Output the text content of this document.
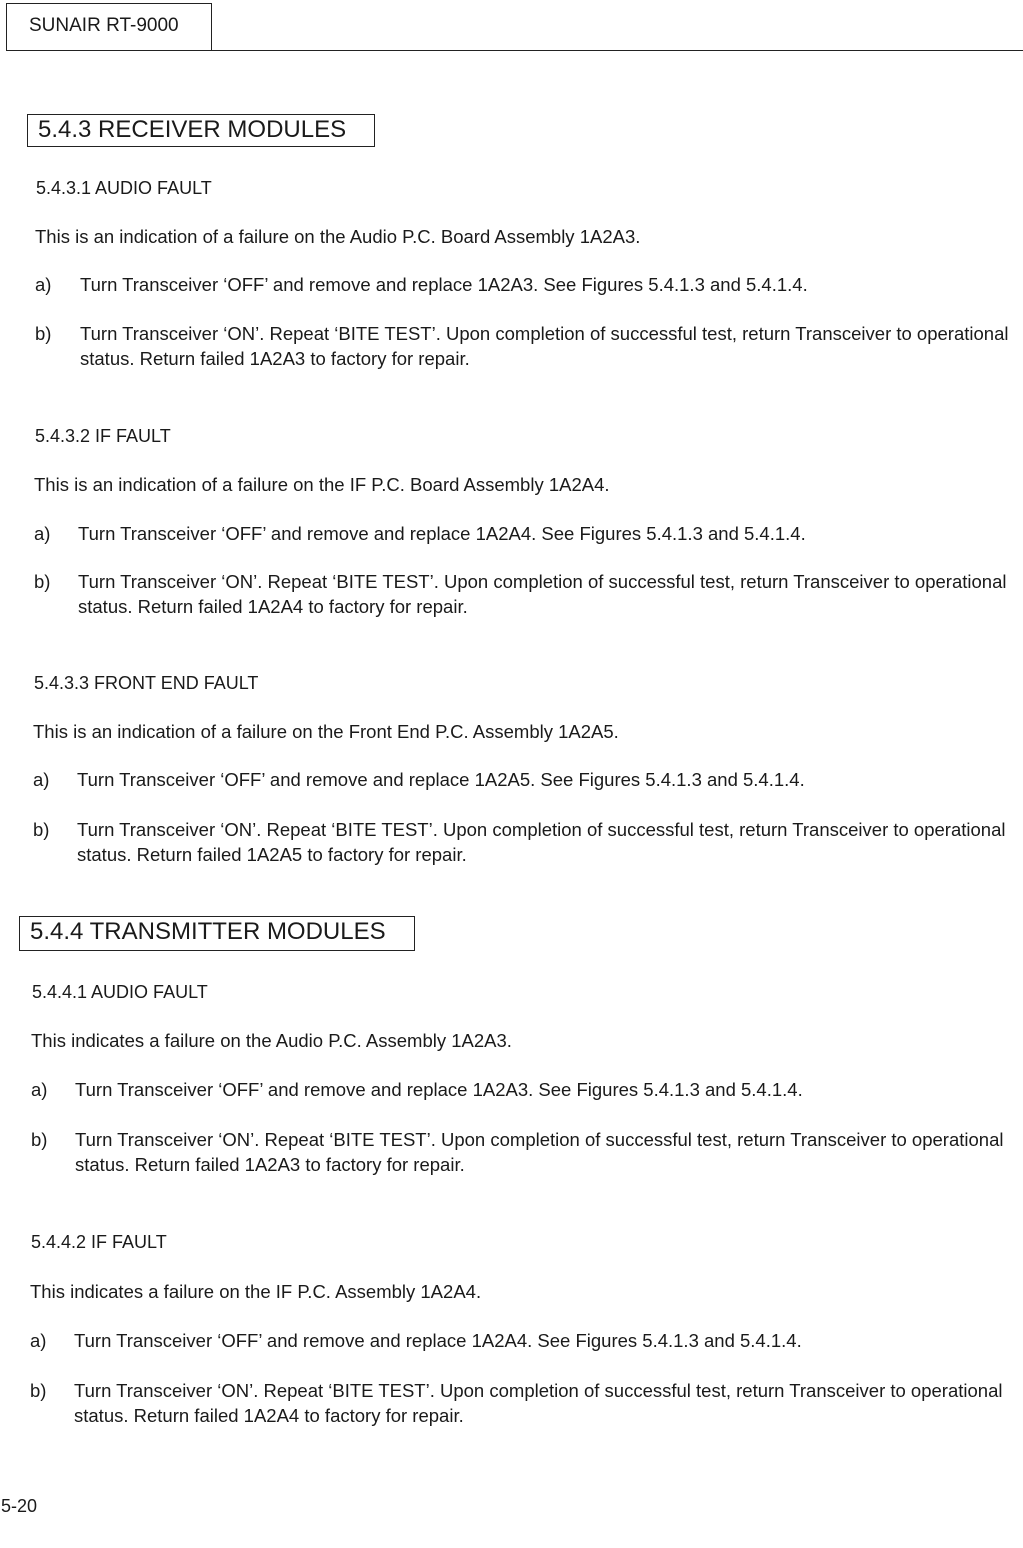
SUNAIR RT-9000
5.4.3 RECEIVER MODULES
5.4.3.1 AUDIO FAULT
This is an indication of a failure on the Audio P.C. Board Assembly 1A2A3.
a) Turn Transceiver ‘OFF’ and remove and replace 1A2A3. See Figures 5.4.1.3 and 5.4.1.4.
b) Turn Transceiver ‘ON’. Repeat ‘BITE TEST’. Upon completion of successful test, return Transceiver to operational status. Return failed 1A2A3 to factory for repair.
5.4.3.2 IF FAULT
This is an indication of a failure on the IF P.C. Board Assembly 1A2A4.
a) Turn Transceiver ‘OFF’ and remove and replace 1A2A4. See Figures 5.4.1.3 and 5.4.1.4.
b) Turn Transceiver ‘ON’. Repeat ‘BITE TEST’. Upon completion of successful test, return Transceiver to operational status. Return failed 1A2A4 to factory for repair.
5.4.3.3 FRONT END FAULT
This is an indication of a failure on the Front End P.C. Assembly 1A2A5.
a) Turn Transceiver ‘OFF’ and remove and replace 1A2A5. See Figures 5.4.1.3 and 5.4.1.4.
b) Turn Transceiver ‘ON’. Repeat ‘BITE TEST’. Upon completion of successful test, return Transceiver to operational status. Return failed 1A2A5 to factory for repair.
5.4.4 TRANSMITTER MODULES
5.4.4.1 AUDIO FAULT
This indicates a failure on the Audio P.C. Assembly 1A2A3.
a) Turn Transceiver ‘OFF’ and remove and replace 1A2A3. See Figures 5.4.1.3 and 5.4.1.4.
b) Turn Transceiver ‘ON’. Repeat ‘BITE TEST’. Upon completion of successful test, return Transceiver to operational status. Return failed 1A2A3 to factory for repair.
5.4.4.2 IF FAULT
This indicates a failure on the IF P.C. Assembly 1A2A4.
a) Turn Transceiver ‘OFF’ and remove and replace 1A2A4. See Figures 5.4.1.3 and 5.4.1.4.
b) Turn Transceiver ‘ON’. Repeat ‘BITE TEST’. Upon completion of successful test, return Transceiver to operational status. Return failed 1A2A4 to factory for repair.
5-20
